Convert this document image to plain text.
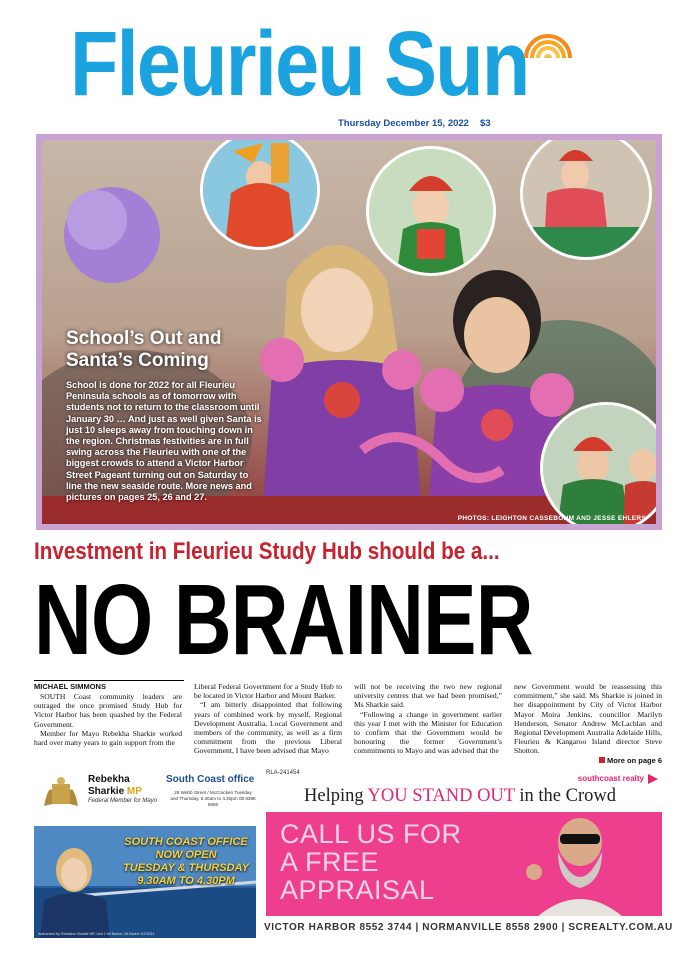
Fleurieu Sun
Thursday December 15, 2022 $3
School’s Out and Santa’s Coming
School is done for 2022 for all Fleurieu Peninsula schools as of tomorrow with students not to return to the classroom until January 30 … And just as well given Santa is just 10 sleeps away from touching down in the region. Christmas festivities are in full swing across the Fleurieu with one of the biggest crowds to attend a Victor Harbor Street Pageant turning out on Saturday to line the new seaside route. More news and pictures on pages 25, 26 and 27.
PHOTOS: LEIGHTON CASSEBOHM AND JESSE EHLERS
Investment in Fleurieu Study Hub should be a...
NO BRAINER
MICHAEL SIMMONS

SOUTH Coast community leaders are outraged the once promised Study Hub for Victor Harbor has been quashed by the Federal Government.

Member for Mayo Rebekha Sharkie worked hard over many years to gain support from the

Liberal Federal Government for a Study Hub to be located in Victor Harbor and Mount Barker.

“I am bitterly disappointed that following years of combined work by myself, Regional Development Australia, Local Government and members of the community, as well as a firm commitment from the previous Liberal Government, I have been advised that Mayo

will not be receiving the two new regional university centres that we had been promised,” Ms Sharkie said.

“Following a change in government earlier this year I met with the Minister for Education to confirm that the Government would be honouring the former Government’s commitments to Mayo and was advised that the

new Government would be reassessing this commitment,” she said. Ms Sharkie is joined in her disappointment by City of Victor Harbor Mayor Moira Jenkins, councillor Marilyn Henderson, Senator Andrew McLachlan and Regional Development Australia Adelaide Hills, Fleurieu & Kangaroo Island director Steve Shotton.

More on page 6
Rebekha
Sharkie MP
Federal Member for Mayo
South Coast office
26 Webb Street / McCracken Tuesday and Thursday, 9.30am to 4.30pm 08 8398 5566
SOUTH COAST OFFICE
NOW OPEN
TUESDAY & THURSDAY
9.30AM TO 4.30PM
Authorised by Rebekha Sharkie MP, Unit 1 Mt Barker, Mt Barker SA 5251
RLA-241454
southcoast realty
Helping YOU STAND OUT in the Crowd
CALL US FOR
A FREE
APPRAISAL
VICTOR HARBOR 8552 3744 | NORMANVILLE 8558 2900 | SCREALTY.COM.AU
